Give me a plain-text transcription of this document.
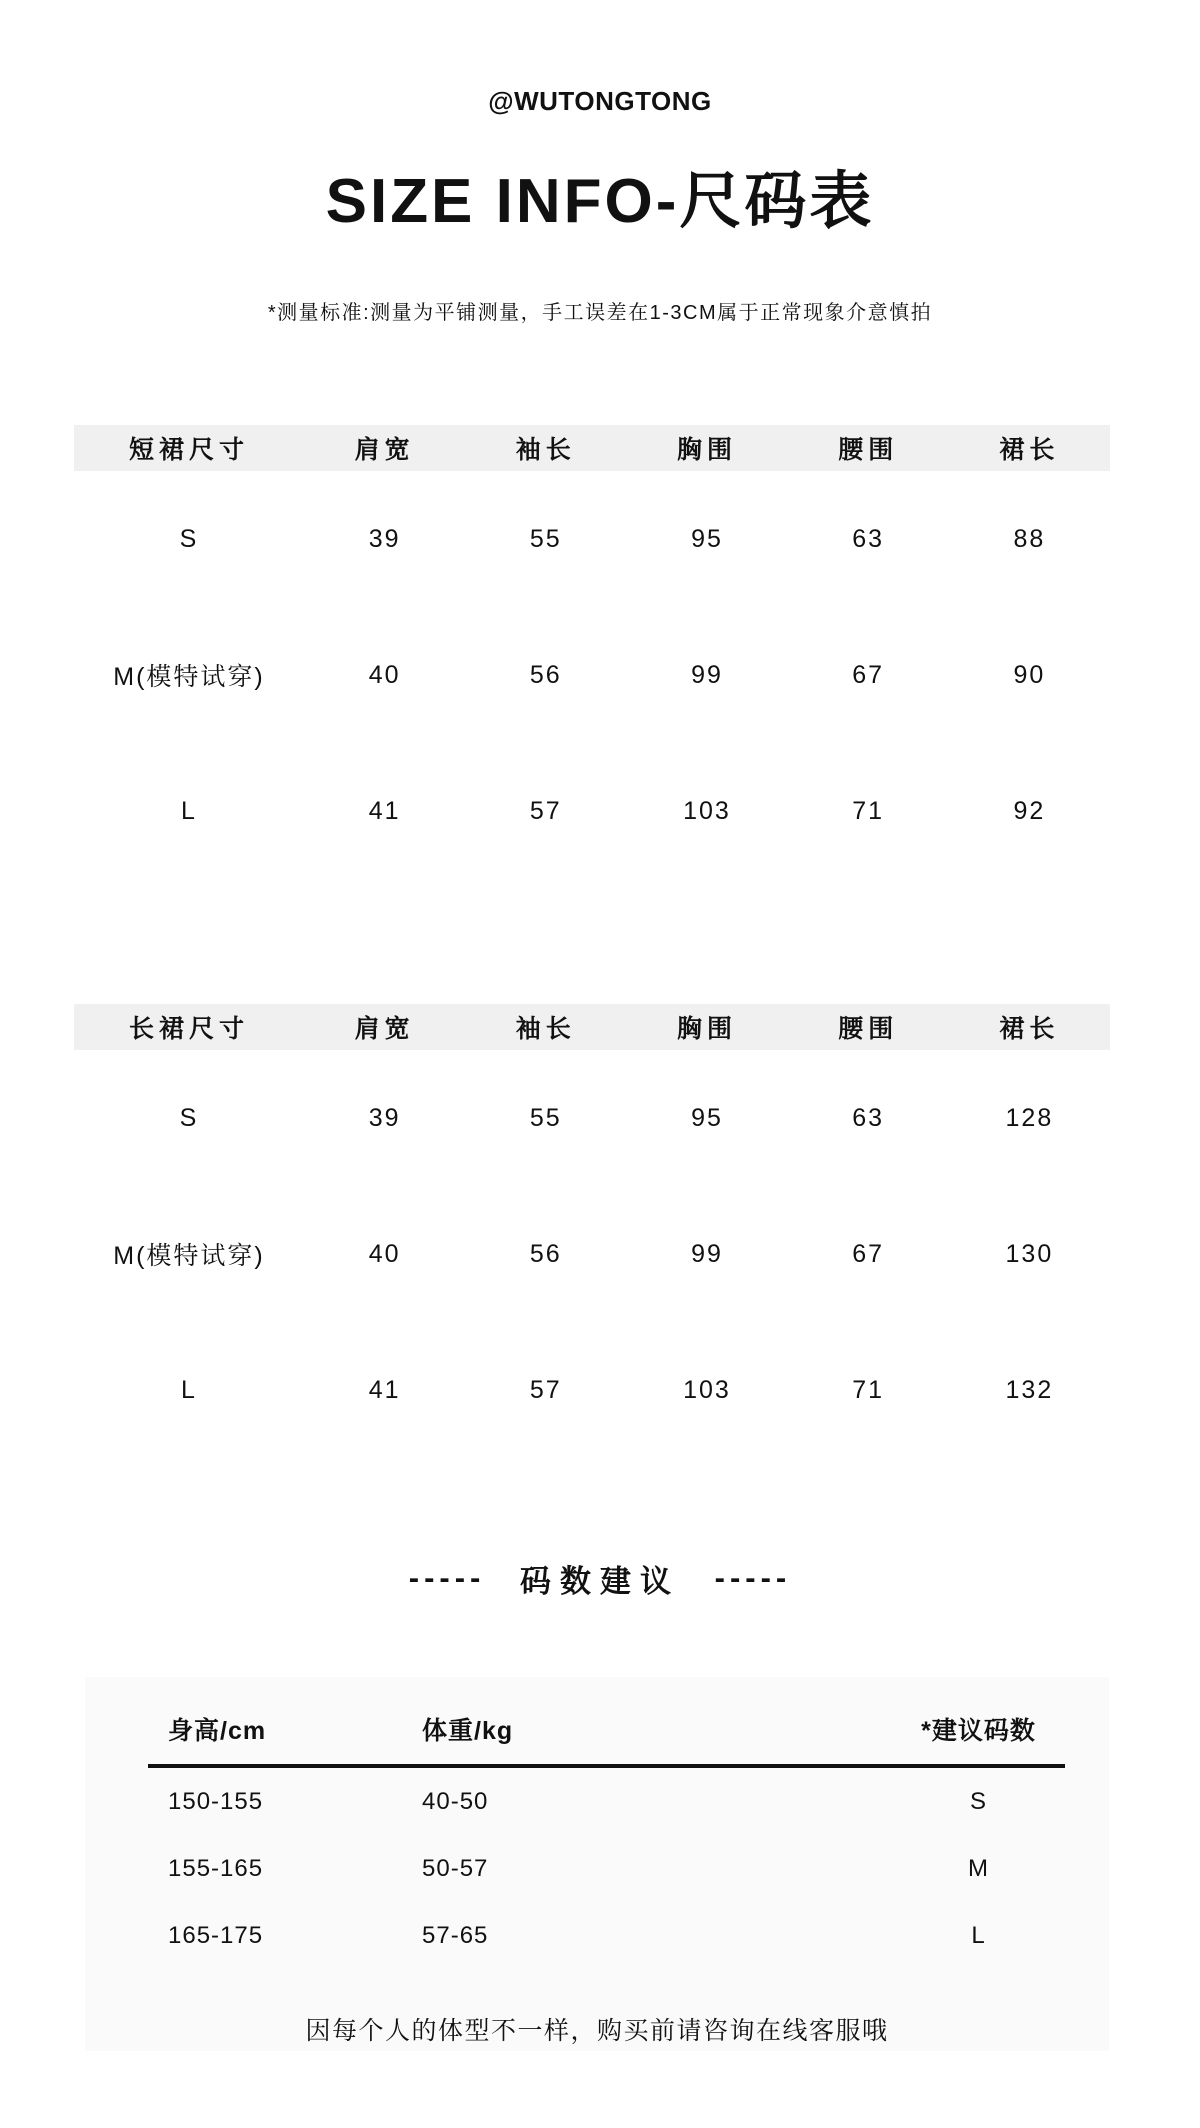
@WUTONGTONG
SIZE INFO-尺码表
*测量标准:测量为平铺测量，手工误差在1-3CM属于正常现象介意慎拍
短裙尺寸	肩宽	袖长	胸围	腰围	裙长
S	39	55	95	63	88
M(模特试穿)	40	56	99	67	90
L	41	57	103	71	92
长裙尺寸	肩宽	袖长	胸围	腰围	裙长
S	39	55	95	63	128
M(模特试穿)	40	56	99	67	130
L	41	57	103	71	132
----- 码数建议 -----
身高/cm	体重/kg	*建议码数
150-155	40-50	S
155-165	50-57	M
165-175	57-65	L
因每个人的体型不一样，购买前请咨询在线客服哦
